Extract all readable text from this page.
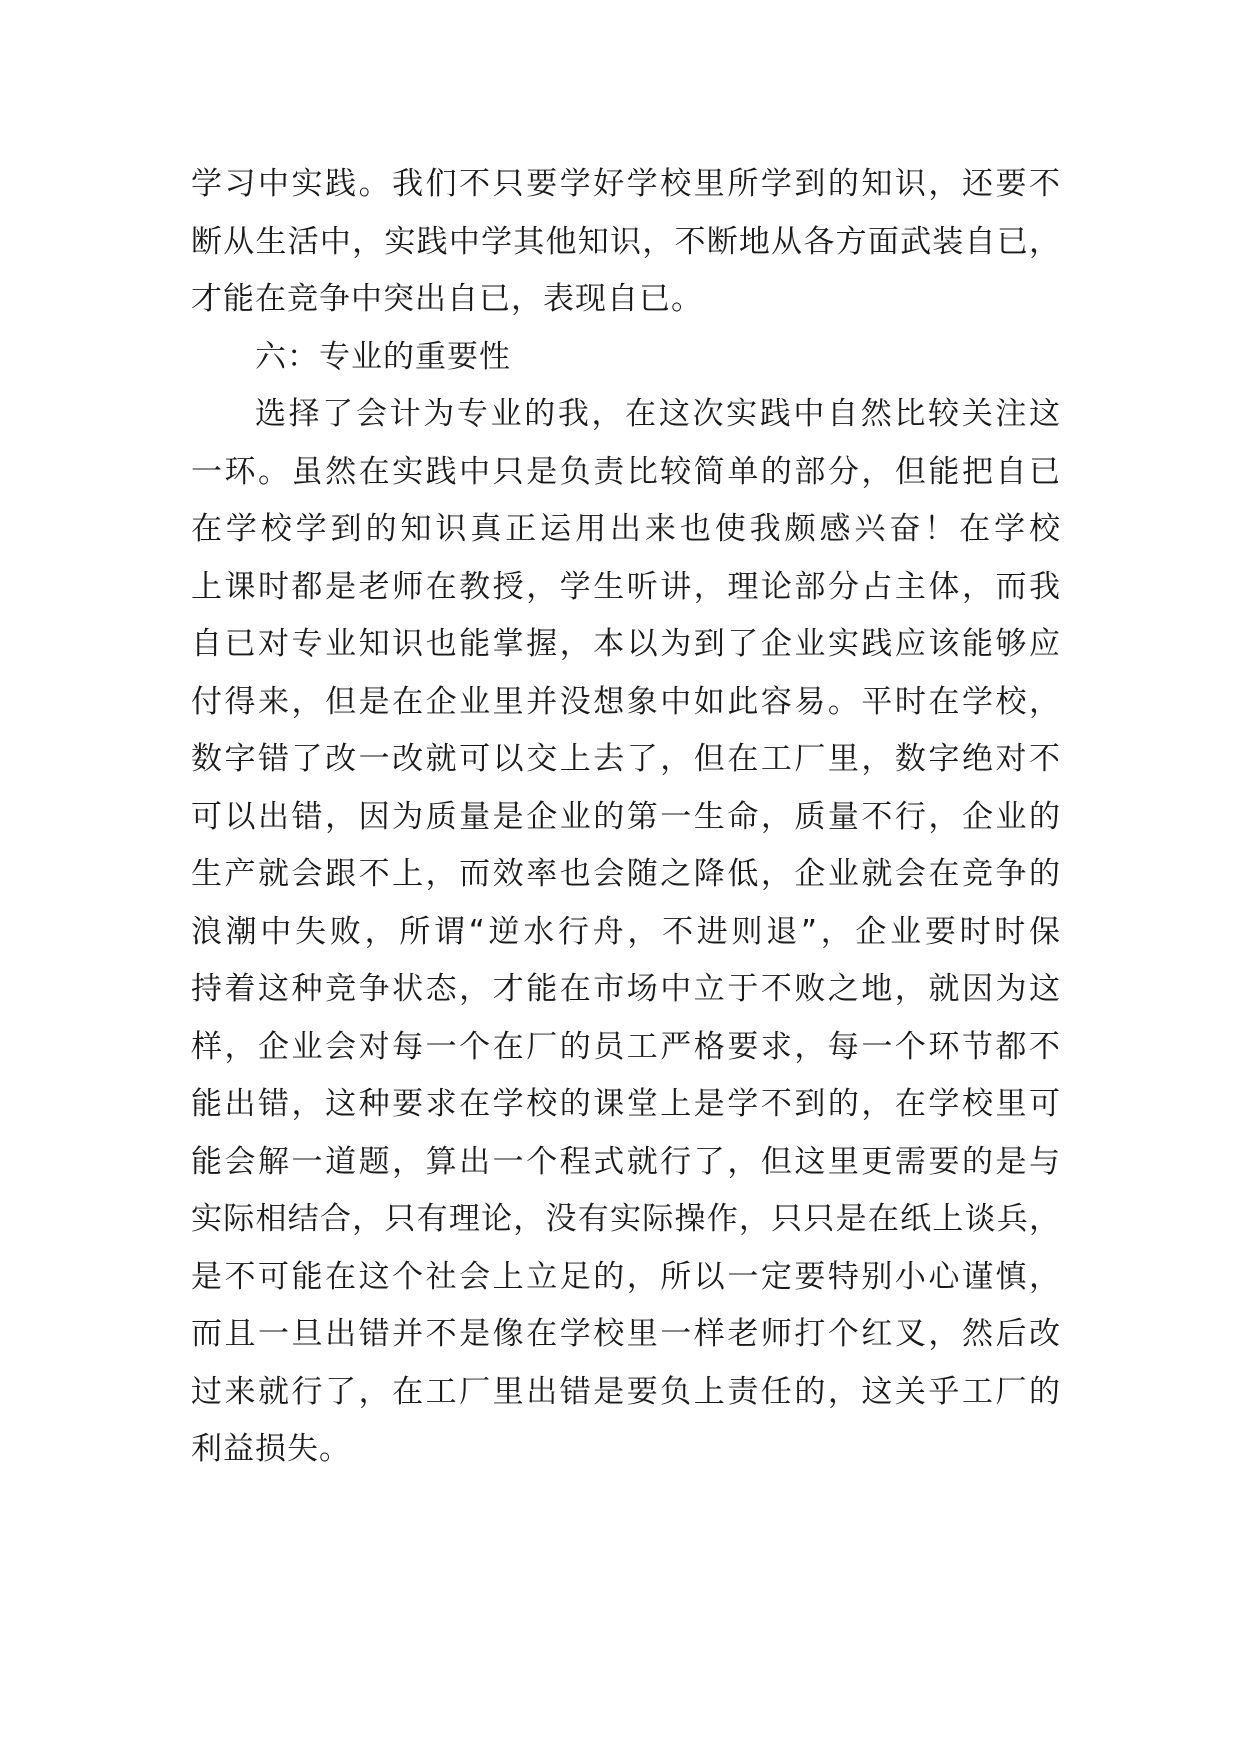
学习中实践。我们不只要学好学校里所学到的知识，还要不
断从生活中，实践中学其他知识，不断地从各方面武装自已，
才能在竞争中突出自已，表现自已。
六：专业的重要性
选择了会计为专业的我，在这次实践中自然比较关注这
一环。虽然在实践中只是负责比较简单的部分，但能把自已
在学校学到的知识真正运用出来也使我颇感兴奋！在学校
上课时都是老师在教授，学生听讲，理论部分占主体，而我
自已对专业知识也能掌握，本以为到了企业实践应该能够应
付得来，但是在企业里并没想象中如此容易。平时在学校，
数字错了改一改就可以交上去了，但在工厂里，数字绝对不
可以出错，因为质量是企业的第一生命，质量不行，企业的
生产就会跟不上，而效率也会随之降低，企业就会在竞争的
浪潮中失败，所谓“逆水行舟，不进则退”，企业要时时保
持着这种竞争状态，才能在市场中立于不败之地，就因为这
样，企业会对每一个在厂的员工严格要求，每一个环节都不
能出错，这种要求在学校的课堂上是学不到的，在学校里可
能会解一道题，算出一个程式就行了，但这里更需要的是与
实际相结合，只有理论，没有实际操作，只只是在纸上谈兵，
是不可能在这个社会上立足的，所以一定要特别小心谨慎，
而且一旦出错并不是像在学校里一样老师打个红叉，然后改
过来就行了，在工厂里出错是要负上责任的，这关乎工厂的
利益损失。
